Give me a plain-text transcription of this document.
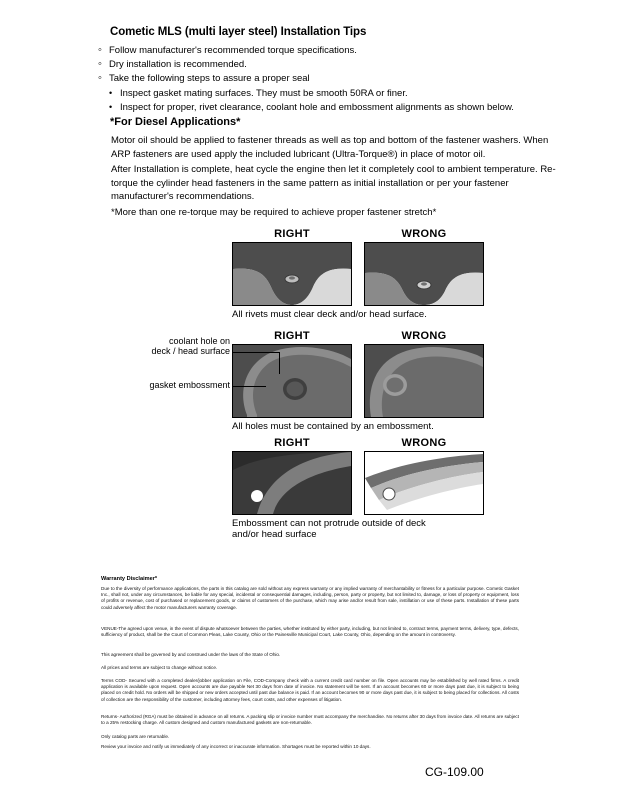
Cometic MLS (multi layer steel) Installation Tips
◦ Follow manufacturer's recommended torque specifications.
◦ Dry installation is recommended.
◦ Take the following steps to assure a proper seal
• Inspect gasket mating surfaces. They must be smooth 50RA or finer.
• Inspect for proper, rivet clearance, coolant hole and embossment alignments as shown below.
*For Diesel Applications*
Motor oil should be applied to fastener threads as well as top and bottom of the fastener washers. When ARP fasteners are used apply the included lubricant (Ultra-Torque®) in place of motor oil.
After Installation is complete, heat cycle the engine then let it completely cool to ambient temperature. Re-torque the cylinder head fasteners in the same pattern as initial installation or per your fastener manufacturer's recommendations.
*More than one re-torque may be required to achieve proper fastener stretch*
RIGHT	WRONG
All rivets must clear deck and/or head surface.
RIGHT	WRONG
All holes must be contained by an embossment.
coolant hole on
deck / head surface
gasket embossment
RIGHT	WRONG
Embossment can not protrude outside of deck
and/or head surface
Warranty Disclaimer*
Due to the diversity of performance applications, the parts in this catalog are sold without any express warranty or any implied warranty of merchantability or fitness for a particular purpose. Cometic Gasket Inc., shall not, under any circumstances, be liable for any special, incidental or consequential damages, including, person, party or property, but not limited to, damage, or loss of property or equipment, loss of profits or revenue, cost of purchased or replacement goods, or claims of customers of the purchase, which may arise and/or result from sale, instillation or use of these parts. Installation of these parts could adversely affect the motor manufacturers warranty coverage.
VENUE-The agreed upon venue, in the event of dispute whatsoever between the parties, whether instituted by either party, including, but not limited to, contract terms, payment terms, delivery, type, defects, sufficiency of product, shall be the Court of Common Pleas, Lake County, Ohio or the Painesville Municipal Court, Lake County, Ohio, depending on the amount in controversy.
This agreement shall be governed by and construed under the laws of the State of Ohio.
All prices and terms are subject to change without notice.
Terms COD- Secured with a completed dealer/jobber application on File, COD-Company check with a current credit card number on file. Open accounts may be established by well rated firms. A credit application is available upon request. Open accounts are due payable Net 30 days from date of invoice. No statement will be sent. If an account becomes 60 or more days past due, it is subject to being placed on credit hold. No orders will be shipped or new orders accepted until past due balance is paid. If an account becomes 90 or more days past due, it is subject to being placed for collections. All costs of collection are the responsibility of the customer, including attorney fees, court costs, and other expenses of litigation.
Returns- Authorized (RGA) must be obtained in advance on all returns. A packing slip or invoice number must accompany the merchandise. No returns after 30 days from invoice date. All returns are subject to a 25% restocking charge. All custom designed and custom manufactured gaskets are non-returnable.
Only catalog parts are returnable.
Review your invoice and notify us immediately of any incorrect or inaccurate information. Shortages must be reported within 10 days.
CG-109.00
